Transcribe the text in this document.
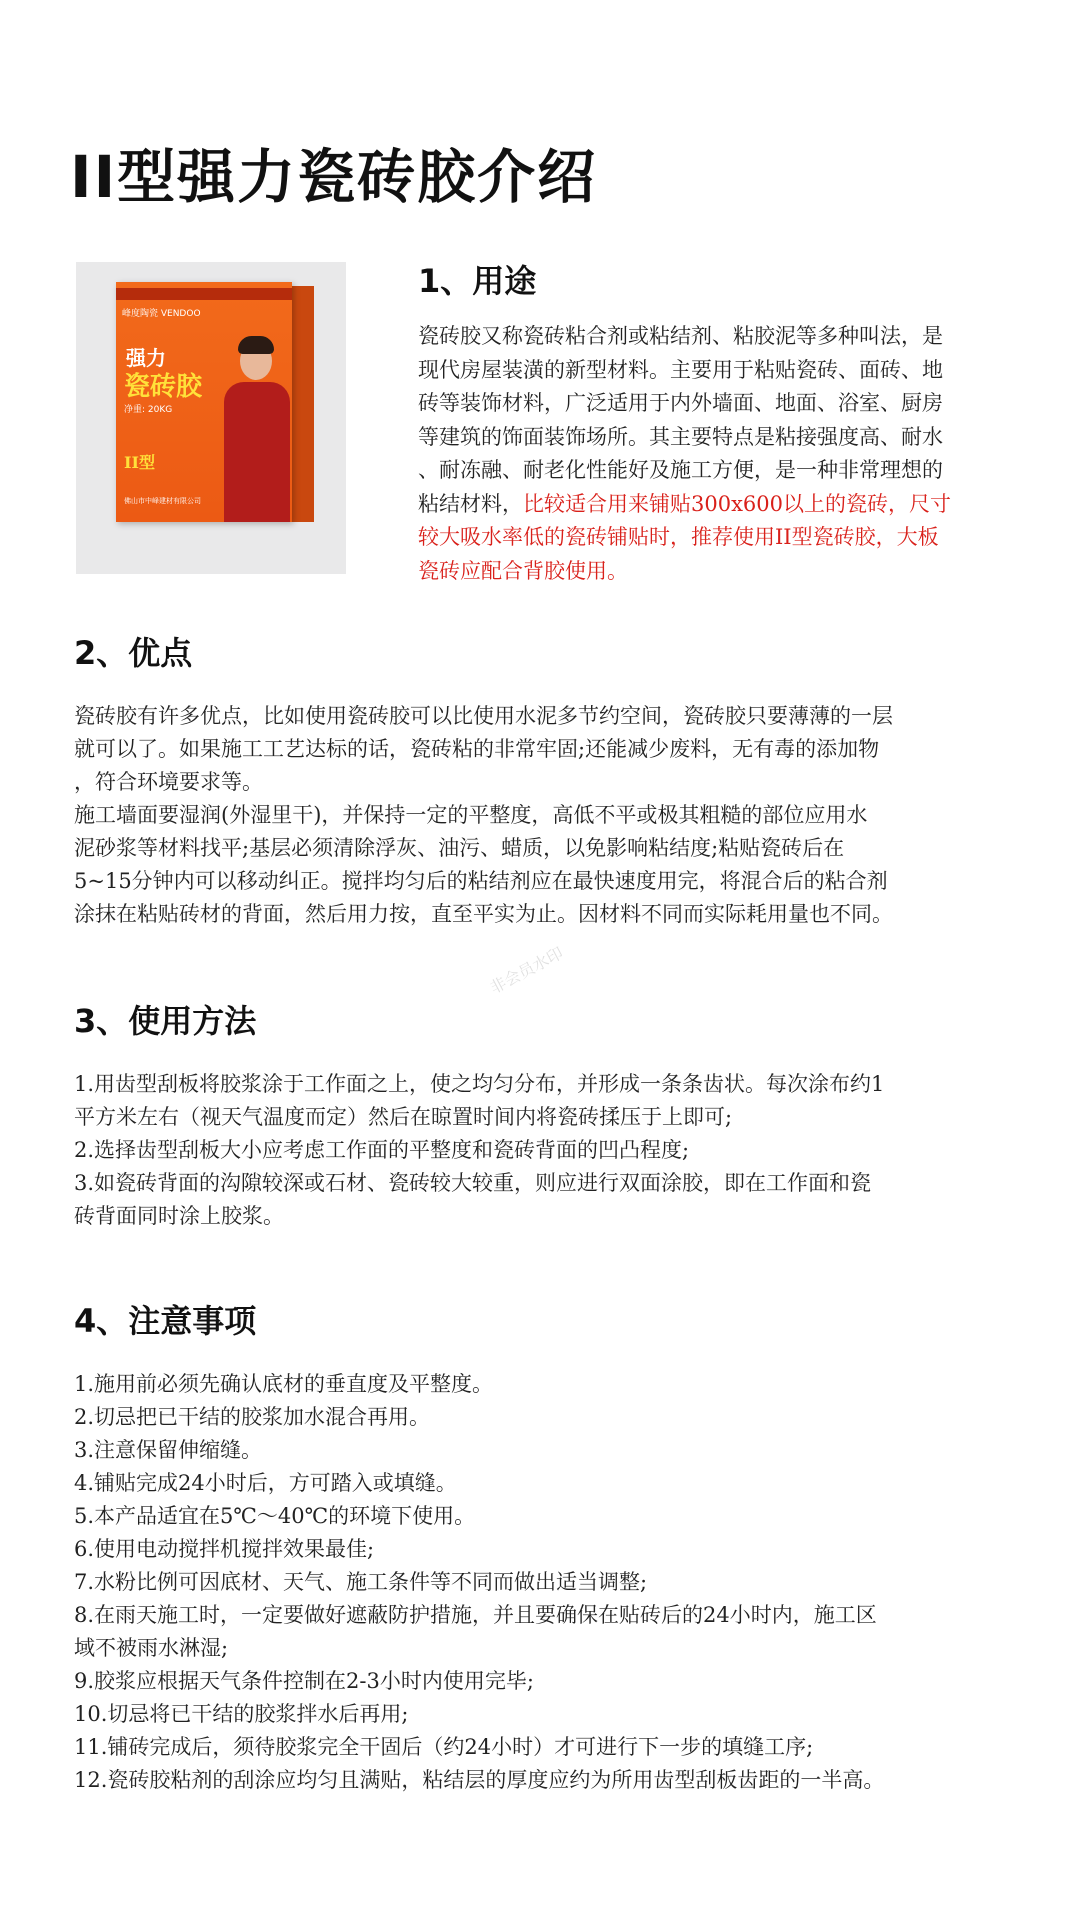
II型强力瓷砖胶介绍
峰度陶瓷 VENDOO
强力
瓷砖胶
净重: 20KG
II型
佛山市中峰建材有限公司
1、用途
瓷砖胶又称瓷砖粘合剂或粘结剂、粘胶泥等多种叫法，是
现代房屋装潢的新型材料。主要用于粘贴瓷砖、面砖、地
砖等装饰材料，广泛适用于内外墙面、地面、浴室、厨房
等建筑的饰面装饰场所。其主要特点是粘接强度高、耐水
、耐冻融、耐老化性能好及施工方便，是一种非常理想的
粘结材料，比较适合用来铺贴300x600以上的瓷砖，尺寸
较大吸水率低的瓷砖铺贴时，推荐使用II型瓷砖胶，大板
瓷砖应配合背胶使用。
2、优点
瓷砖胶有许多优点，比如使用瓷砖胶可以比使用水泥多节约空间，瓷砖胶只要薄薄的一层
就可以了。如果施工工艺达标的话，瓷砖粘的非常牢固;还能减少废料，无有毒的添加物
，符合环境要求等。
施工墙面要湿润(外湿里干)，并保持一定的平整度，高低不平或极其粗糙的部位应用水
泥砂浆等材料找平;基层必须清除浮灰、油污、蜡质，以免影响粘结度;粘贴瓷砖后在
5~15分钟内可以移动纠正。搅拌均匀后的粘结剂应在最快速度用完，将混合后的粘合剂
涂抹在粘贴砖材的背面，然后用力按，直至平实为止。因材料不同而实际耗用量也不同。
非会员水印
3、使用方法
1.用齿型刮板将胶浆涂于工作面之上，使之均匀分布，并形成一条条齿状。每次涂布约1
平方米左右（视天气温度而定）然后在晾置时间内将瓷砖揉压于上即可;
2.选择齿型刮板大小应考虑工作面的平整度和瓷砖背面的凹凸程度;
3.如瓷砖背面的沟隙较深或石材、瓷砖较大较重，则应进行双面涂胶，即在工作面和瓷
砖背面同时涂上胶浆。
4、注意事项
1.施用前必须先确认底材的垂直度及平整度。
2.切忌把已干结的胶浆加水混合再用。
3.注意保留伸缩缝。
4.铺贴完成24小时后，方可踏入或填缝。
5.本产品适宜在5℃～40℃的环境下使用。
6.使用电动搅拌机搅拌效果最佳;
7.水粉比例可因底材、天气、施工条件等不同而做出适当调整;
8.在雨天施工时，一定要做好遮蔽防护措施，并且要确保在贴砖后的24小时内，施工区
域不被雨水淋湿;
9.胶浆应根据天气条件控制在2-3小时内使用完毕;
10.切忌将已干结的胶浆拌水后再用;
11.铺砖完成后，须待胶浆完全干固后（约24小时）才可进行下一步的填缝工序;
12.瓷砖胶粘剂的刮涂应均匀且满贴，粘结层的厚度应约为所用齿型刮板齿距的一半高。
